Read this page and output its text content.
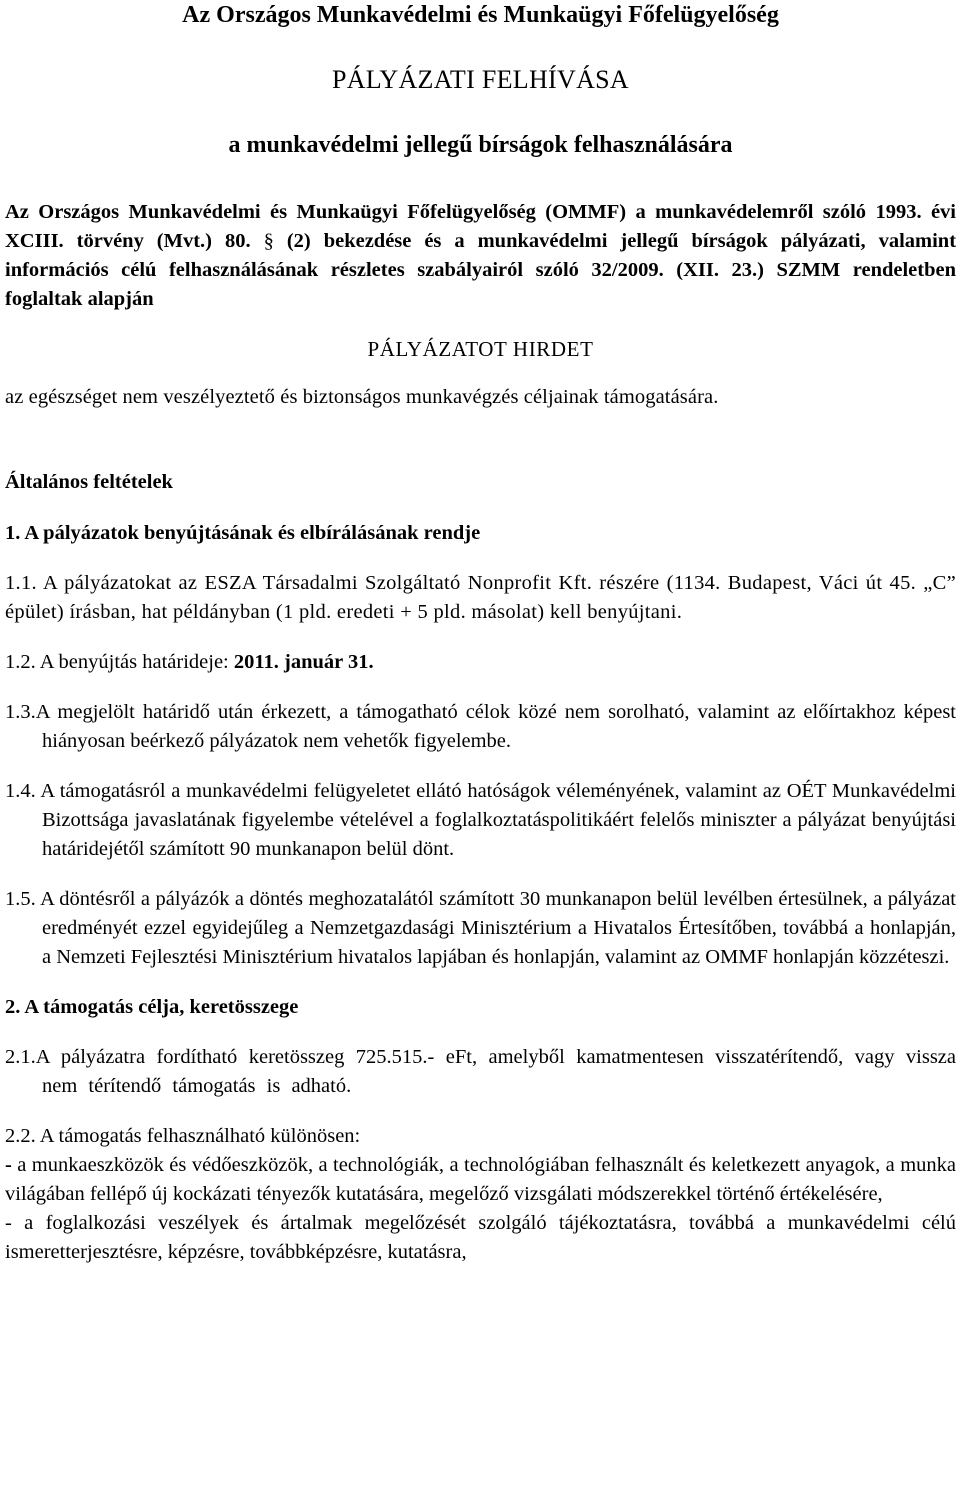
Az Országos Munkavédelmi és Munkaügyi Főfelügyelőség
PÁLYÁZATI FELHÍVÁSA
a munkavédelmi jellegű bírságok felhasználására
Az Országos Munkavédelmi és Munkaügyi Főfelügyelőség (OMMF) a munkavédelemről szóló 1993. évi XCIII. törvény (Mvt.) 80. § (2) bekezdése és a munkavédelmi jellegű bírságok pályázati, valamint információs célú felhasználásának részletes szabályairól szóló 32/2009. (XII. 23.) SZMM rendeletben foglaltak alapján
PÁLYÁZATOT HIRDET
az egészséget nem veszélyeztető és biztonságos munkavégzés céljainak támogatására.
Általános feltételek
1. A pályázatok benyújtásának és elbírálásának rendje
1.1. A pályázatokat az ESZA Társadalmi Szolgáltató Nonprofit Kft. részére (1134. Budapest, Váci út 45. „C” épület) írásban, hat példányban (1 pld. eredeti + 5 pld. másolat) kell benyújtani.
1.2. A benyújtás határideje: 2011. január 31.
1.3.A megjelölt határidő után érkezett, a támogatható célok közé nem sorolható, valamint az előírtakhoz képest hiányosan beérkező pályázatok nem vehetők figyelembe.
1.4. A támogatásról a munkavédelmi felügyeletet ellátó hatóságok véleményének, valamint az OÉT Munkavédelmi Bizottsága javaslatának figyelembe vételével a foglalkoztatáspolitikáért felelős miniszter a pályázat benyújtási határidejétől számított 90 munkanapon belül dönt.
1.5. A döntésről a pályázók a döntés meghozatalától számított 30 munkanapon belül levélben értesülnek, a pályázat eredményét ezzel egyidejűleg a Nemzetgazdasági Minisztérium a Hivatalos Értesítőben, továbbá a honlapján, a Nemzeti Fejlesztési Minisztérium hivatalos lapjában és honlapján, valamint az OMMF honlapján közzéteszi.
2. A támogatás célja, keretösszege
2.1.A pályázatra fordítható keretösszeg 725.515.- eFt, amelyből kamatmentesen visszatérítendő, vagy vissza nem térítendő támogatás is adható.
2.2. A támogatás felhasználható különösen:
- a munkaeszközök és védőeszközök, a technológiák, a technológiában felhasznált és keletkezett anyagok, a munka világában fellépő új kockázati tényezők kutatására, megelőző vizsgálati módszerekkel történő értékelésére,
- a foglalkozási veszélyek és ártalmak megelőzését szolgáló tájékoztatásra, továbbá a munkavédelmi célú ismeretterjesztésre, képzésre, továbbképzésre, kutatásra,
